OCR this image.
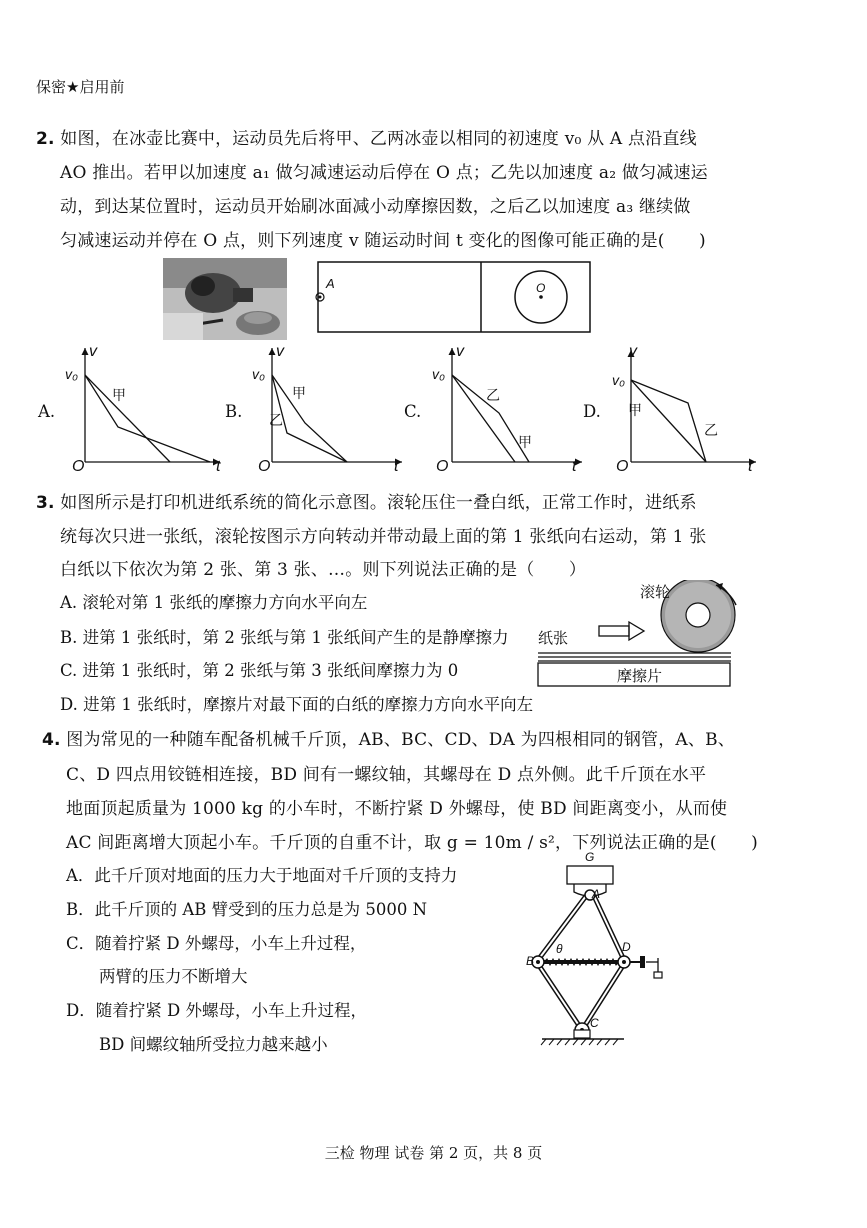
保密★启用前
2. 如图，在冰壶比赛中，运动员先后将甲、乙两冰壶以相同的初速度 v₀ 从 A 点沿直线
AO 推出。若甲以加速度 a₁ 做匀减速运动后停在 O 点；乙先以加速度 a₂ 做匀减速运
动，到达某位置时，运动员开始刷冰面减小动摩擦因数，之后乙以加速度 a₃ 继续做
匀减速运动并停在 O 点，则下列速度 v 随运动时间 t 变化的图像可能正确的是(　　)
A	O
A.
v
v₀
t
O
甲
B.
v
v₀
t
O
甲
乙	C.
v
v₀
t
O
乙
甲
D.
v
v₀
t
O
甲
乙
3. 如图所示是打印机进纸系统的简化示意图。滚轮压住一叠白纸，正常工作时，进纸系
统每次只进一张纸，滚轮按图示方向转动并带动最上面的第 1 张纸向右运动，第 1 张
白纸以下依次为第 2 张、第 3 张、…。则下列说法正确的是（　　）
A. 滚轮对第 1 张纸的摩擦力方向水平向左
B. 进第 1 张纸时，第 2 张纸与第 1 张纸间产生的是静摩擦力
C. 进第 1 张纸时，第 2 张纸与第 3 张纸间摩擦力为 0
D. 进第 1 张纸时，摩擦片对最下面的白纸的摩擦力方向水平向左
滚轮
纸张
摩擦片
4. 图为常见的一种随车配备机械千斤顶，AB、BC、CD、DA 为四根相同的钢管，A、B、
C、D 四点用铰链相连接，BD 间有一螺纹轴，其螺母在 D 点外侧。此千斤顶在水平
地面顶起质量为 1000 kg 的小车时，不断拧紧 D 外螺母，使 BD 间距离变小，从而使
AC 间距离增大顶起小车。千斤顶的自重不计，取 g = 10m / s²，下列说法正确的是(　　)
A．此千斤顶对地面的压力大于地面对千斤顶的支持力
B．此千斤顶的 AB 臂受到的压力总是为 5000 N
C．随着拧紧 D 外螺母，小车上升过程，
两臂的压力不断增大
D．随着拧紧 D 外螺母，小车上升过程，
BD 间螺纹轴所受拉力越来越小
G
A
B
D
C
θ
三检 物理 试卷 第 2 页，共 8 页
